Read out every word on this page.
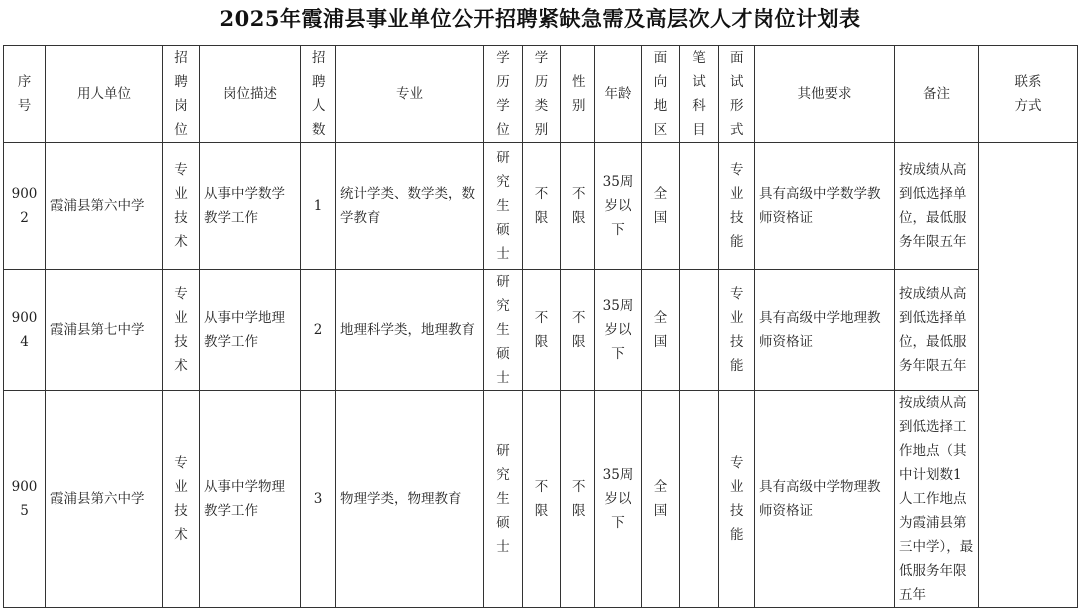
2025年霞浦县事业单位公开招聘紧缺急需及高层次人才岗位计划表
序号	用人单位	招聘岗位	岗位描述	招聘人数	专业	学历学位	学历类别	性别	年龄	面向地区	笔试科目	面试形式	其他要求	备注	联系方式
9002	霞浦县第六中学	专业技术	从事中学数学教学工作	1	统计学类、数学类，数学教育	研究生硕士	不限	不限	35周岁以下	全国		专业技能	具有高级中学数学教师资格证	按成绩从高到低选择单位，最低服务年限五年	
9004	霞浦县第七中学	专业技术	从事中学地理教学工作	2	地理科学类，地理教育	研究生硕士	不限	不限	35周岁以下	全国		专业技能	具有高级中学地理教师资格证	按成绩从高到低选择单位，最低服务年限五年	
9005	霞浦县第六中学	专业技术	从事中学物理教学工作	3	物理学类，物理教育	研究生硕士	不限	不限	35周岁以下	全国		专业技能	具有高级中学物理教师资格证	按成绩从高到低选择工作地点（其中计划数1人工作地点为霞浦县第三中学），最低服务年限五年	
